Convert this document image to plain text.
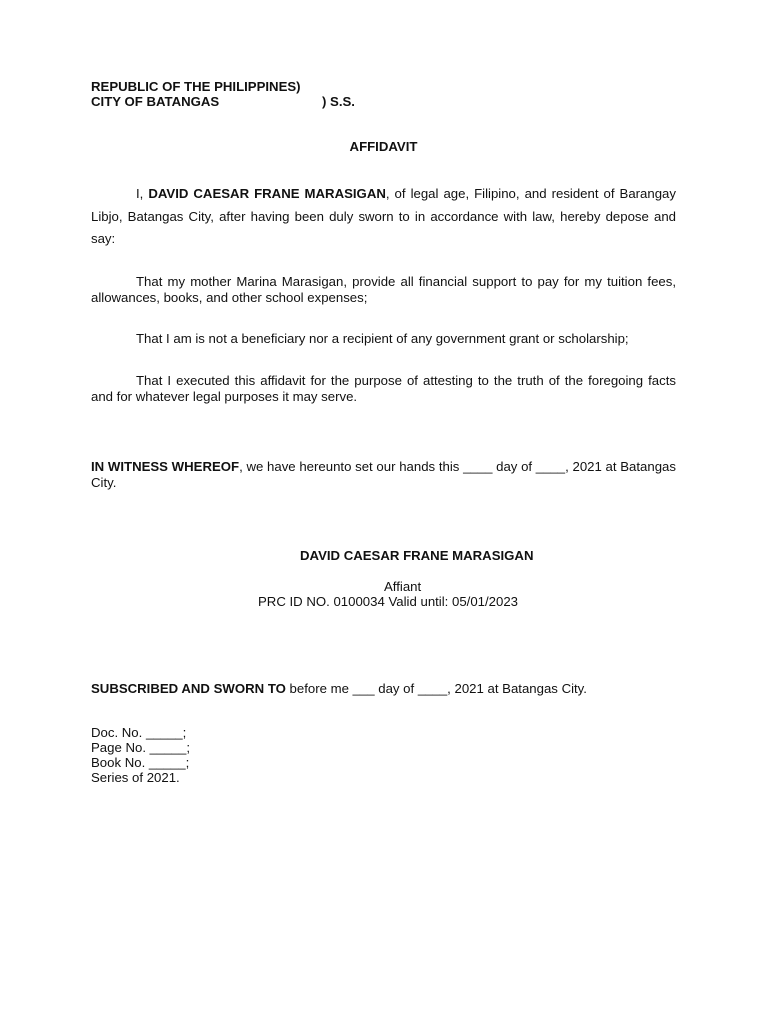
REPUBLIC OF THE PHILIPPINES)
CITY OF BATANGAS	) S.S.
AFFIDAVIT
I, DAVID CAESAR FRANE MARASIGAN, of legal age, Filipino, and resident of Barangay Libjo, Batangas City, after having been duly sworn to in accordance with law, hereby depose and say:
That my mother Marina Marasigan, provide all financial support to pay for my tuition fees, allowances, books, and other school expenses;
That I am is not a beneficiary nor a recipient of any government grant or scholarship;
That I executed this affidavit for the purpose of attesting to the truth of the foregoing facts and for whatever legal purposes it may serve.
IN WITNESS WHEREOF, we have hereunto set our hands this ____ day of ____, 2021 at Batangas City.
DAVID CAESAR FRANE MARASIGAN
Affiant
PRC ID NO. 0100034 Valid until: 05/01/2023
SUBSCRIBED AND SWORN TO before me ___ day of ____, 2021 at Batangas City.
Doc. No. _____;
Page No. _____;
Book No. _____;
Series of 2021.
